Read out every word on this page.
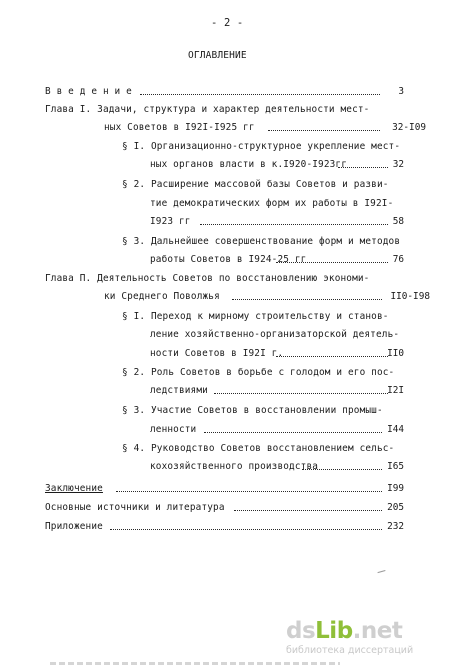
- 2 -
ОГЛАВЛЕНИЕ
В в е д е н и е	3
Глава I. Задачи, структура и характер деятельности мест-
ных Советов в I92I-I925 гг	32-I09
§ I. Организационно-структурное укрепление мест-
ных органов власти в к.I920-I923гг	32
§ 2. Расширение массовой базы Советов и разви-
тие демократических форм их работы в I92I-
I923 гг	58
§ 3. Дальнейшее совершенствование форм и методов
работы Советов в I924-25 гг	76
Глава П. Деятельность Советов по восстановлению экономи-
ки Среднего Поволжья	II0-I98
§ I. Переход к мирному строительству и станов-
ление хозяйственно-организаторской деятель-
ности Советов в I92I г.	II0
§ 2. Роль Советов в борьбе с голодом и его пос-
ледствиями	I2I
§ 3. Участие Советов в восстановлении промыш-
ленности	I44
§ 4. Руководство Советов восстановлением сельс-
кохозяйственного производства	I65
Заключение	I99
Основные источники и литература	205
Приложение	232
dsLib.net
библиотека диссертаций
